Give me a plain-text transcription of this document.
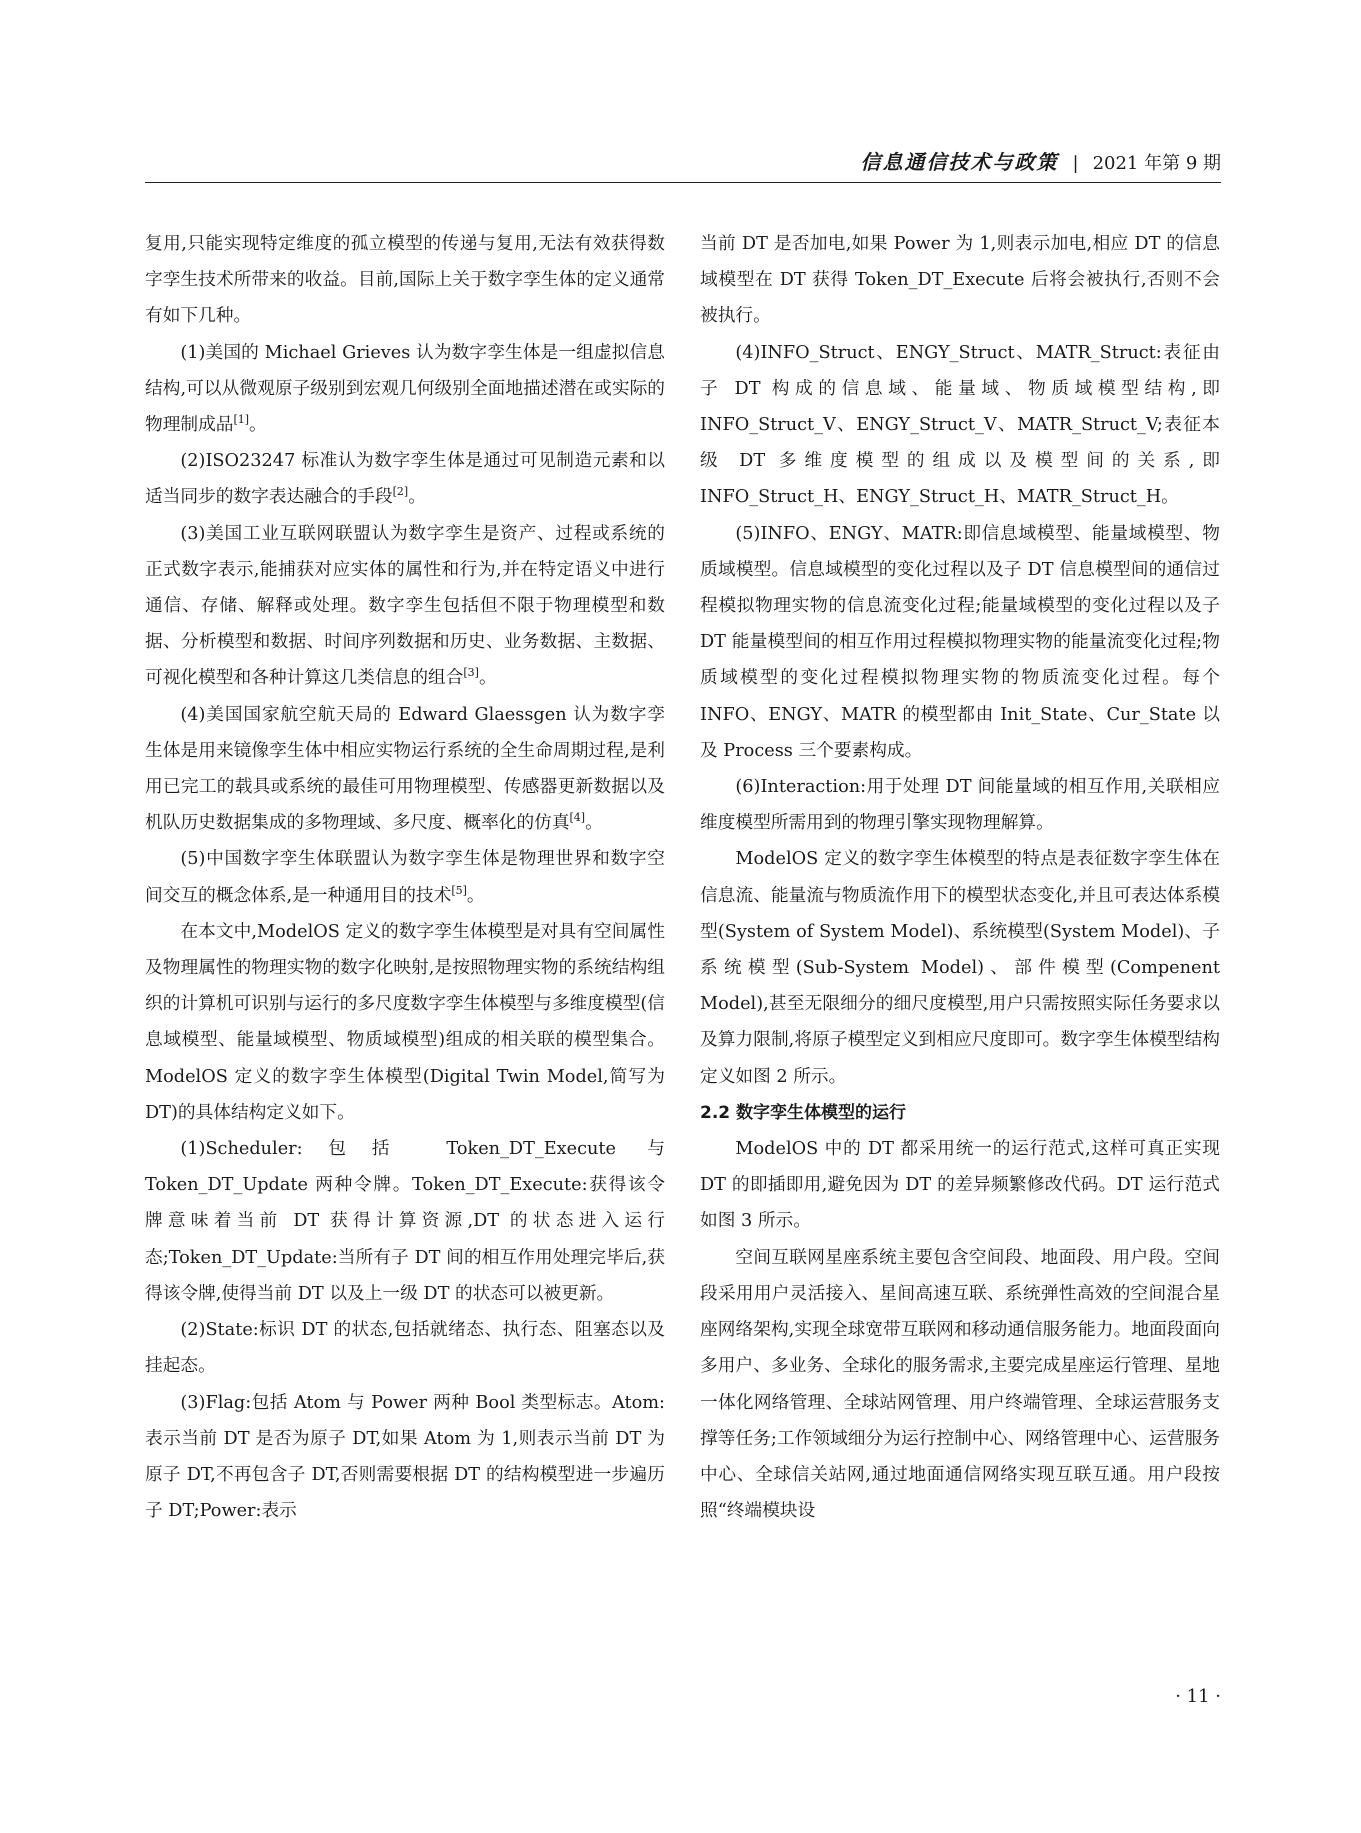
信息通信技术与政策 | 2021 年第 9 期

复用,只能实现特定维度的孤立模型的传递与复用,无法有效获得数字孪生技术所带来的收益。目前,国际上关于数字孪生体的定义通常有如下几种。

(1)美国的 Michael Grieves 认为数字孪生体是一组虚拟信息结构,可以从微观原子级别到宏观几何级别全面地描述潜在或实际的物理制成品[1]。

(2)ISO23247 标准认为数字孪生体是通过可见制造元素和以适当同步的数字表达融合的手段[2]。

(3)美国工业互联网联盟认为数字孪生是资产、过程或系统的正式数字表示,能捕获对应实体的属性和行为,并在特定语义中进行通信、存储、解释或处理。数字孪生包括但不限于物理模型和数据、分析模型和数据、时间序列数据和历史、业务数据、主数据、可视化模型和各种计算这几类信息的组合[3]。

(4)美国国家航空航天局的 Edward Glaessgen 认为数字孪生体是用来镜像孪生体中相应实物运行系统的全生命周期过程,是利用已完工的载具或系统的最佳可用物理模型、传感器更新数据以及机队历史数据集成的多物理域、多尺度、概率化的仿真[4]。

(5)中国数字孪生体联盟认为数字孪生体是物理世界和数字空间交互的概念体系,是一种通用目的技术[5]。

在本文中,ModelOS 定义的数字孪生体模型是对具有空间属性及物理属性的物理实物的数字化映射,是按照物理实物的系统结构组织的计算机可识别与运行的多尺度数字孪生体模型与多维度模型(信息域模型、能量域模型、物质域模型)组成的相关联的模型集合。ModelOS 定义的数字孪生体模型(Digital Twin Model,简写为 DT)的具体结构定义如下。

(1)Scheduler:包括 Token_DT_Execute 与 Token_DT_Update 两种令牌。Token_DT_Execute:获得该令牌意味着当前 DT 获得计算资源,DT 的状态进入运行态;Token_DT_Update:当所有子 DT 间的相互作用处理完毕后,获得该令牌,使得当前 DT 以及上一级 DT 的状态可以被更新。

(2)State:标识 DT 的状态,包括就绪态、执行态、阻塞态以及挂起态。

(3)Flag:包括 Atom 与 Power 两种 Bool 类型标志。Atom:表示当前 DT 是否为原子 DT,如果 Atom 为 1,则表示当前 DT 为原子 DT,不再包含子 DT,否则需要根据 DT 的结构模型进一步遍历子 DT;Power:表示

当前 DT 是否加电,如果 Power 为 1,则表示加电,相应 DT 的信息域模型在 DT 获得 Token_DT_Execute 后将会被执行,否则不会被执行。

(4)INFO_Struct、ENGY_Struct、MATR_Struct:表征由子 DT 构成的信息域、能量域、物质域模型结构,即 INFO_Struct_V、ENGY_Struct_V、MATR_Struct_V;表征本级 DT 多维度模型的组成以及模型间的关系,即 INFO_Struct_H、ENGY_Struct_H、MATR_Struct_H。

(5)INFO、ENGY、MATR:即信息域模型、能量域模型、物质域模型。信息域模型的变化过程以及子 DT 信息模型间的通信过程模拟物理实物的信息流变化过程;能量域模型的变化过程以及子 DT 能量模型间的相互作用过程模拟物理实物的能量流变化过程;物质域模型的变化过程模拟物理实物的物质流变化过程。每个 INFO、ENGY、MATR 的模型都由 Init_State、Cur_State 以及 Process 三个要素构成。

(6)Interaction:用于处理 DT 间能量域的相互作用,关联相应维度模型所需用到的物理引擎实现物理解算。

ModelOS 定义的数字孪生体模型的特点是表征数字孪生体在信息流、能量流与物质流作用下的模型状态变化,并且可表达体系模型(System of System Model)、系统模型(System Model)、子系统模型(Sub-System Model)、部件模型(Compenent Model),甚至无限细分的细尺度模型,用户只需按照实际任务要求以及算力限制,将原子模型定义到相应尺度即可。数字孪生体模型结构定义如图 2 所示。

2.2 数字孪生体模型的运行

ModelOS 中的 DT 都采用统一的运行范式,这样可真正实现 DT 的即插即用,避免因为 DT 的差异频繁修改代码。DT 运行范式如图 3 所示。

空间互联网星座系统主要包含空间段、地面段、用户段。空间段采用用户灵活接入、星间高速互联、系统弹性高效的空间混合星座网络架构,实现全球宽带互联网和移动通信服务能力。地面段面向多用户、多业务、全球化的服务需求,主要完成星座运行管理、星地一体化网络管理、全球站网管理、用户终端管理、全球运营服务支撑等任务;工作领域细分为运行控制中心、网络管理中心、运营服务中心、全球信关站网,通过地面通信网络实现互联互通。用户段按照“终端模块设

· 11 ·
